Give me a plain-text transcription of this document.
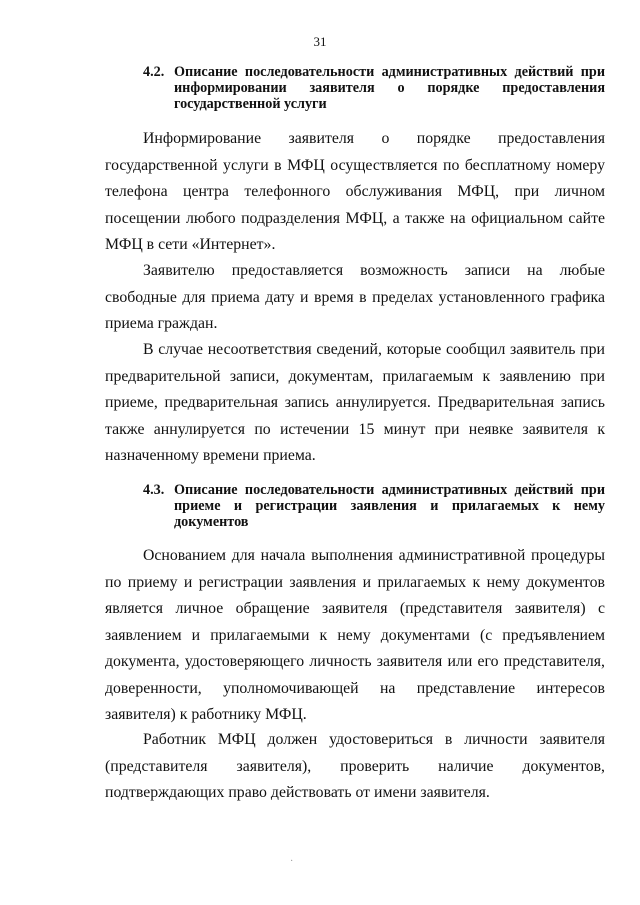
31
4.2. Описание последовательности административных действий при информировании заявителя о порядке предоставления государственной услуги

Информирование заявителя о порядке предоставления государственной услуги в МФЦ осуществляется по бесплатному номеру телефона центра телефонного обслуживания МФЦ, при личном посещении любого подразделения МФЦ, а также на официальном сайте МФЦ в сети «Интернет».

Заявителю предоставляется возможность записи на любые свободные для приема дату и время в пределах установленного графика приема граждан.

В случае несоответствия сведений, которые сообщил заявитель при предварительной записи, документам, прилагаемым к заявлению при приеме, предварительная запись аннулируется. Предварительная запись также аннулируется по истечении 15 минут при неявке заявителя к назначенному времени приема.

4.3. Описание последовательности административных действий при приеме и регистрации заявления и прилагаемых к нему документов

Основанием для начала выполнения административной процедуры по приему и регистрации заявления и прилагаемых к нему документов является личное обращение заявителя (представителя заявителя) с заявлением и прилагаемыми к нему документами (с предъявлением документа, удостоверяющего личность заявителя или его представителя, доверенности, уполномочивающей на представление интересов заявителя) к работнику МФЦ.

Работник МФЦ должен удостовериться в личности заявителя (представителя заявителя), проверить наличие документов, подтверждающих право действовать от имени заявителя.

·
